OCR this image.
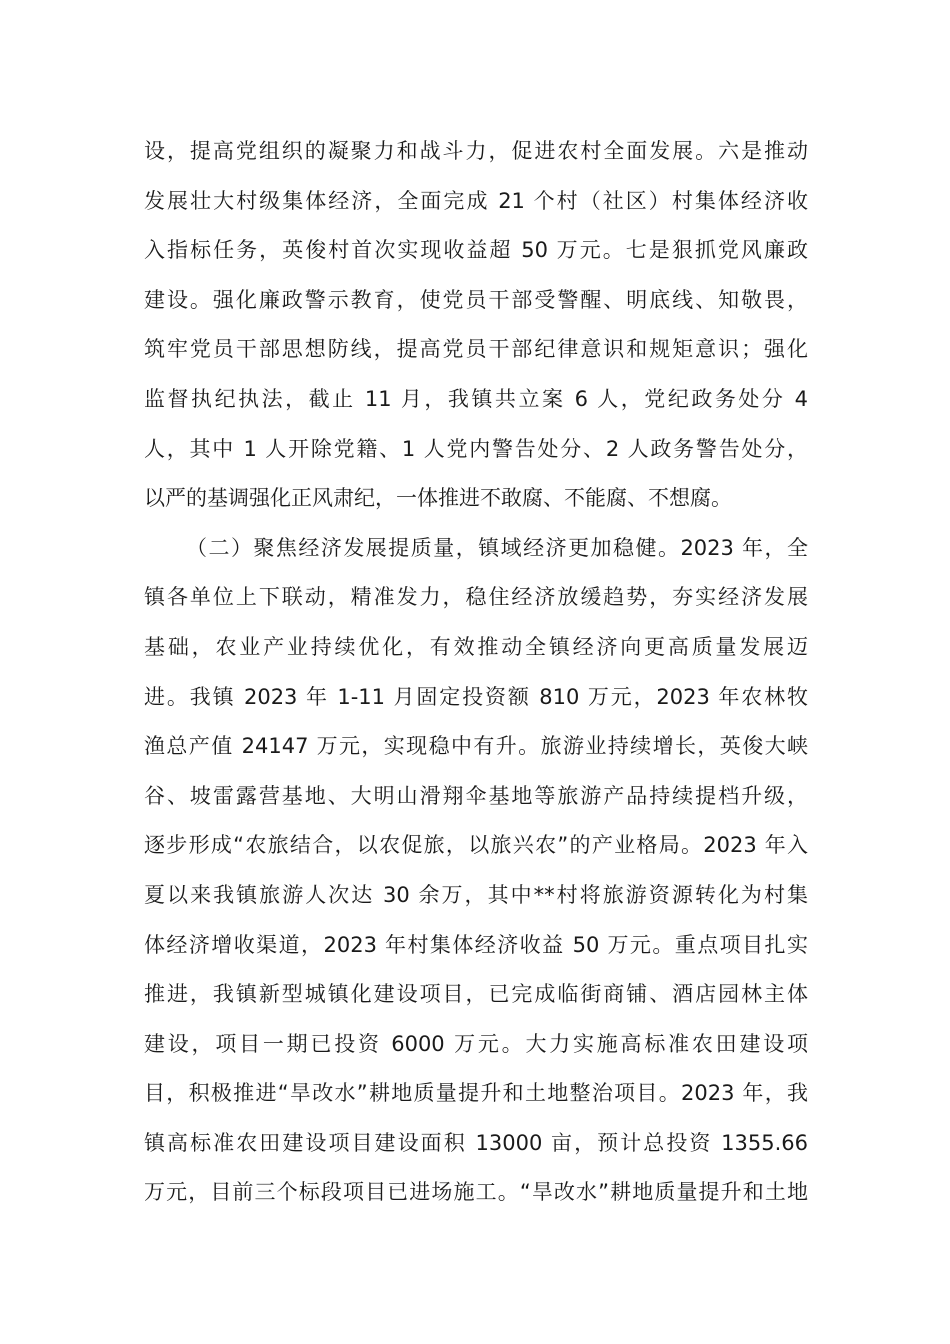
设，提高党组织的凝聚力和战斗力，促进农村全面发展。六是推动
发展壮大村级集体经济，全面完成 21 个村（社区）村集体经济收
入指标任务，英俊村首次实现收益超 50 万元。七是狠抓党风廉政
建设。强化廉政警示教育，使党员干部受警醒、明底线、知敬畏，
筑牢党员干部思想防线，提高党员干部纪律意识和规矩意识；强化
监督执纪执法，截止 11 月，我镇共立案 6 人，党纪政务处分 4
人，其中 1 人开除党籍、1 人党内警告处分、2 人政务警告处分，
以严的基调强化正风肃纪，一体推进不敢腐、不能腐、不想腐。
（二）聚焦经济发展提质量，镇域经济更加稳健。2023 年，全
镇各单位上下联动，精准发力，稳住经济放缓趋势，夯实经济发展
基础，农业产业持续优化，有效推动全镇经济向更高质量发展迈
进。我镇 2023 年 1-11 月固定投资额 810 万元，2023 年农林牧
渔总产值 24147 万元，实现稳中有升。旅游业持续增长，英俊大峡
谷、坡雷露营基地、大明山滑翔伞基地等旅游产品持续提档升级，
逐步形成“农旅结合，以农促旅，以旅兴农”的产业格局。2023 年入
夏以来我镇旅游人次达 30 余万，其中**村将旅游资源转化为村集
体经济增收渠道，2023 年村集体经济收益 50 万元。重点项目扎实
推进，我镇新型城镇化建设项目，已完成临街商铺、酒店园林主体
建设，项目一期已投资 6000 万元。大力实施高标准农田建设项
目，积极推进“旱改水”耕地质量提升和土地整治项目。2023 年，我
镇高标准农田建设项目建设面积 13000 亩，预计总投资 1355.66
万元，目前三个标段项目已进场施工。“旱改水”耕地质量提升和土地
